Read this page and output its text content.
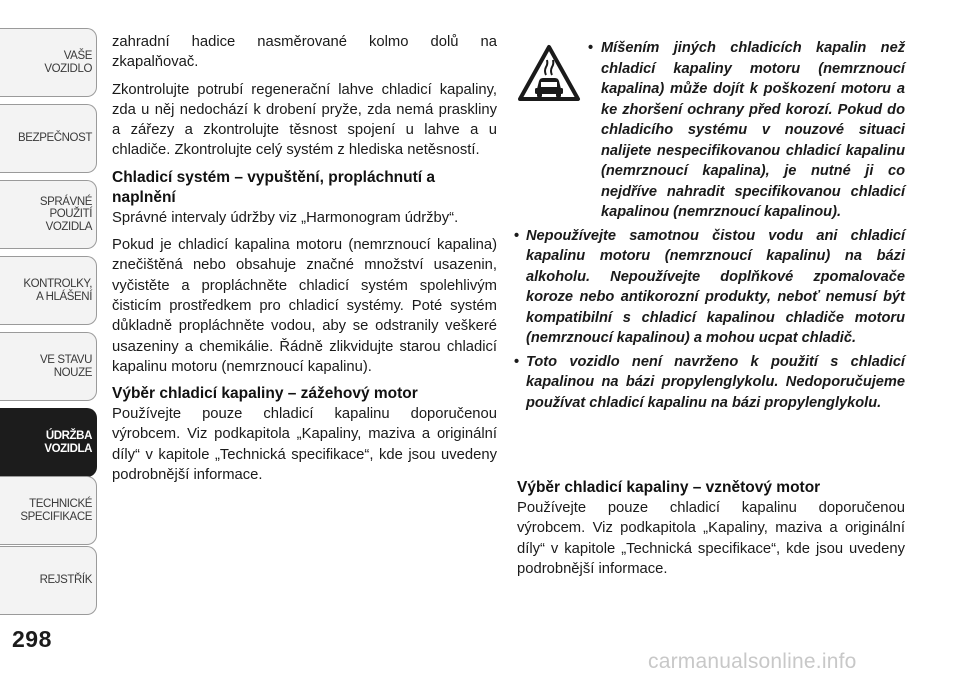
VAŠE
VOZIDLO
BEZPEČNOST
SPRÁVNÉ
POUŽITÍ
VOZIDLA
KONTROLKY,
A HLÁŠENÍ
VE STAVU
NOUZE
ÚDRŽBA
VOZIDLA
TECHNICKÉ
SPECIFIKACE
REJSTŘÍK
298

zahradní hadice nasměrované kolmo dolů na zkapalňovač.

Zkontrolujte potrubí regenerační lahve chladicí kapaliny, zda u něj nedochází k drobení pryže, zda nemá praskliny a zářezy a zkontrolujte těsnost spojení u lahve a u chladiče. Zkontrolujte celý systém z hlediska netěsností.

Chladicí systém – vypuštění, propláchnutí a naplnění

Správné intervaly údržby viz „Harmonogram údržby“.

Pokud je chladicí kapalina motoru (nemrznoucí kapalina) znečištěná nebo obsahuje značné množství usazenin, vyčistěte a propláchněte chladicí systém spolehlivým čisticím prostředkem pro chladicí systémy. Poté systém důkladně propláchněte vodou, aby se odstranily veškeré usazeniny a chemikálie. Řádně zlikvidujte starou chladicí kapalinu motoru (nemrznoucí kapalinu).

Výběr chladicí kapaliny – zážehový motor

Používejte pouze chladicí kapalinu doporučenou výrobcem. Viz podkapitola „Kapaliny, maziva a originální díly“ v kapitole „Technická specifikace“, kde jsou uvedeny podrobnější informace.

• Míšením jiných chladicích kapalin než chladicí kapaliny motoru (nemrznoucí kapalina) může dojít k poškození motoru a ke zhoršení ochrany před korozí. Pokud do chladicího systému v nouzové situaci nalijete nespecifikovanou chladicí kapalinu (nemrznoucí kapalina), je nutné ji co nejdříve nahradit specifikovanou chladicí kapalinou (nemrznoucí kapalinou).
• Nepoužívejte samotnou čistou vodu ani chladicí kapalinu motoru (nemrznoucí kapalinu) na bázi alkoholu. Nepoužívejte doplňkové zpomalovače koroze nebo antikorozní produkty, neboť nemusí být kompatibilní s chladicí kapalinou chladiče motoru (nemrznoucí kapalinou) a mohou ucpat chladič.
• Toto vozidlo není navrženo k použití s chladicí kapalinou na bázi propylenglykolu. Nedoporučujeme používat chladicí kapalinu na bázi propylenglykolu.
Výběr chladicí kapaliny – vznětový motor

Používejte pouze chladicí kapalinu doporučenou výrobcem. Viz podkapitola „Kapaliny, maziva a originální díly“ v kapitole „Technická specifikace“, kde jsou uvedeny podrobnější informace.

carmanualsonline.info
